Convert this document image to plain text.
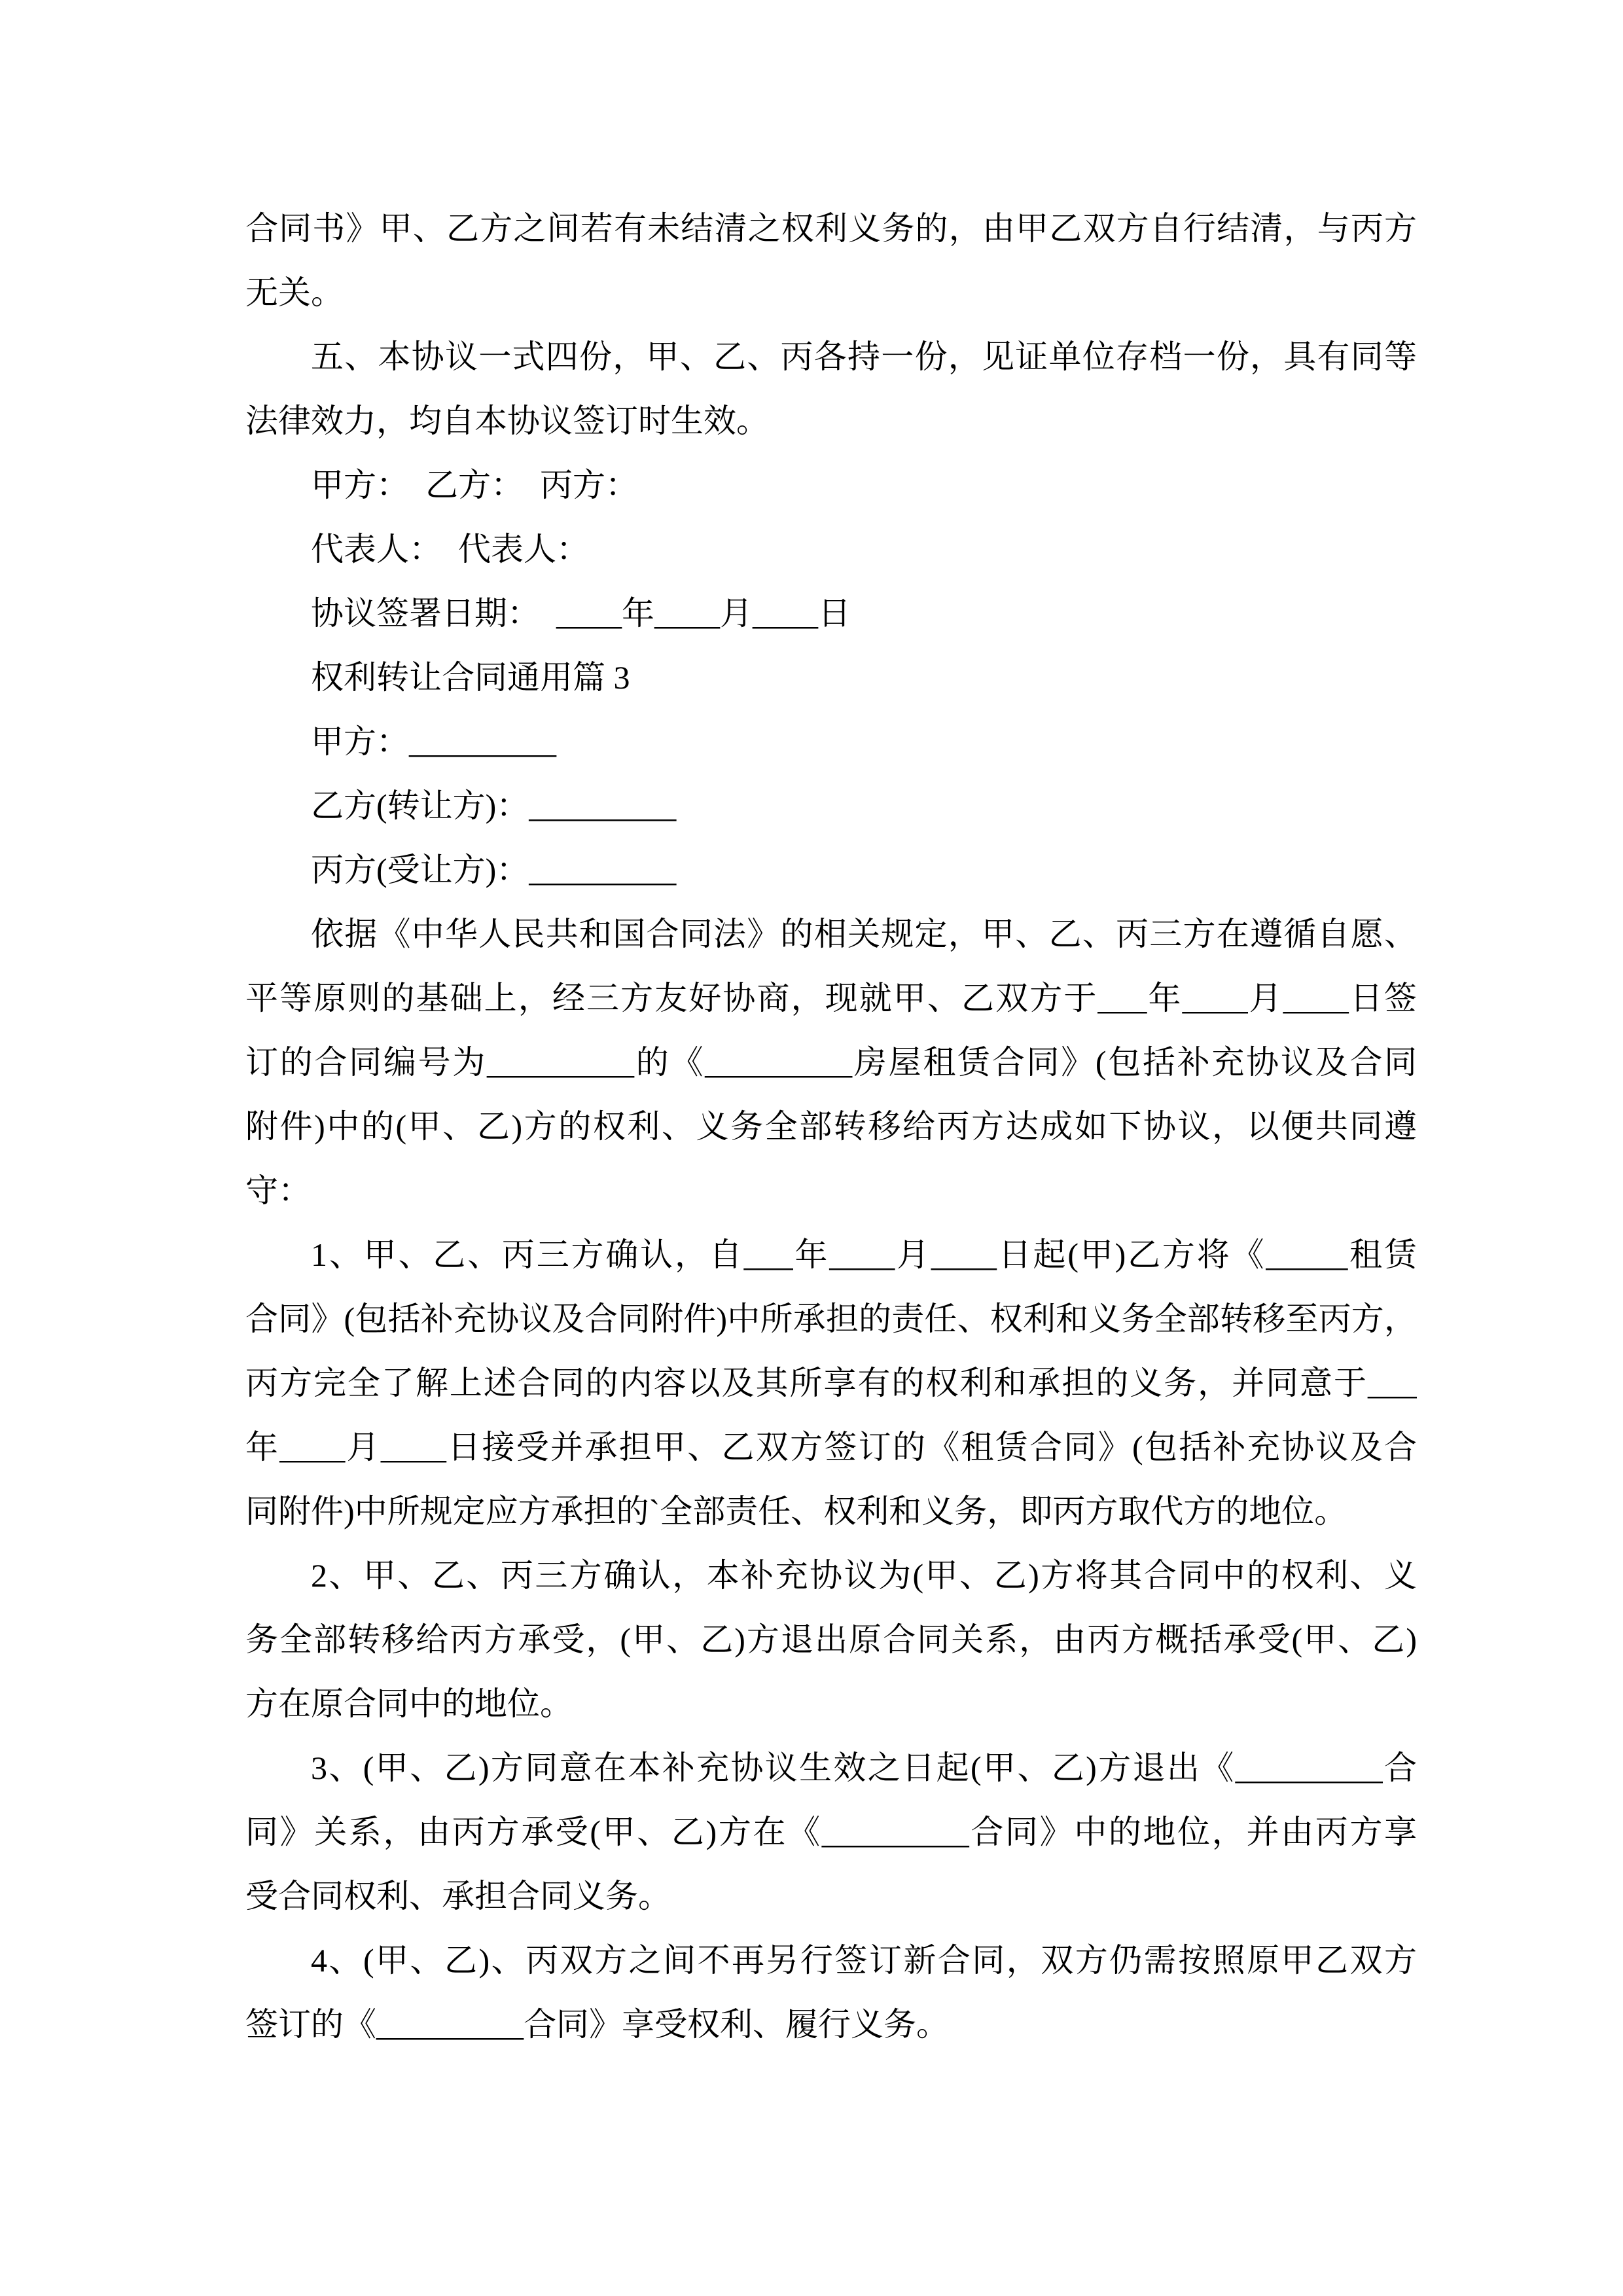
合同书》甲、乙方之间若有未结清之权利义务的，由甲乙双方自行结清，与丙方
无关。
五、本协议一式四份，甲、乙、丙各持一份，见证单位存档一份，具有同等
法律效力，均自本协议签订时生效。
甲方：　乙方：　丙方：
代表人：　代表人：
协议签署日期：　____年____月____日
权利转让合同通用篇 3
甲方：_________
乙方(转让方)：_________
丙方(受让方)：_________
依据《中华人民共和国合同法》的相关规定，甲、乙、丙三方在遵循自愿、
平等原则的基础上，经三方友好协商，现就甲、乙双方于___年____月____日签
订的合同编号为_________的《_________房屋租赁合同》(包括补充协议及合同
附件)中的(甲、乙)方的权利、义务全部转移给丙方达成如下协议，以便共同遵
守：
1、甲、乙、丙三方确认，自___年____月____日起(甲)乙方将《_____租赁
合同》(包括补充协议及合同附件)中所承担的责任、权利和义务全部转移至丙方，
丙方完全了解上述合同的内容以及其所享有的权利和承担的义务，并同意于___
年____月____日接受并承担甲、乙双方签订的《租赁合同》(包括补充协议及合
同附件)中所规定应方承担的`全部责任、权利和义务，即丙方取代方的地位。
2、甲、乙、丙三方确认，本补充协议为(甲、乙)方将其合同中的权利、义
务全部转移给丙方承受，(甲、乙)方退出原合同关系，由丙方概括承受(甲、乙)
方在原合同中的地位。
3、(甲、乙)方同意在本补充协议生效之日起(甲、乙)方退出《_________合
同》关系，由丙方承受(甲、乙)方在《_________合同》中的地位，并由丙方享
受合同权利、承担合同义务。
4、(甲、乙)、丙双方之间不再另行签订新合同，双方仍需按照原甲乙双方
签订的《_________合同》享受权利、履行义务。
